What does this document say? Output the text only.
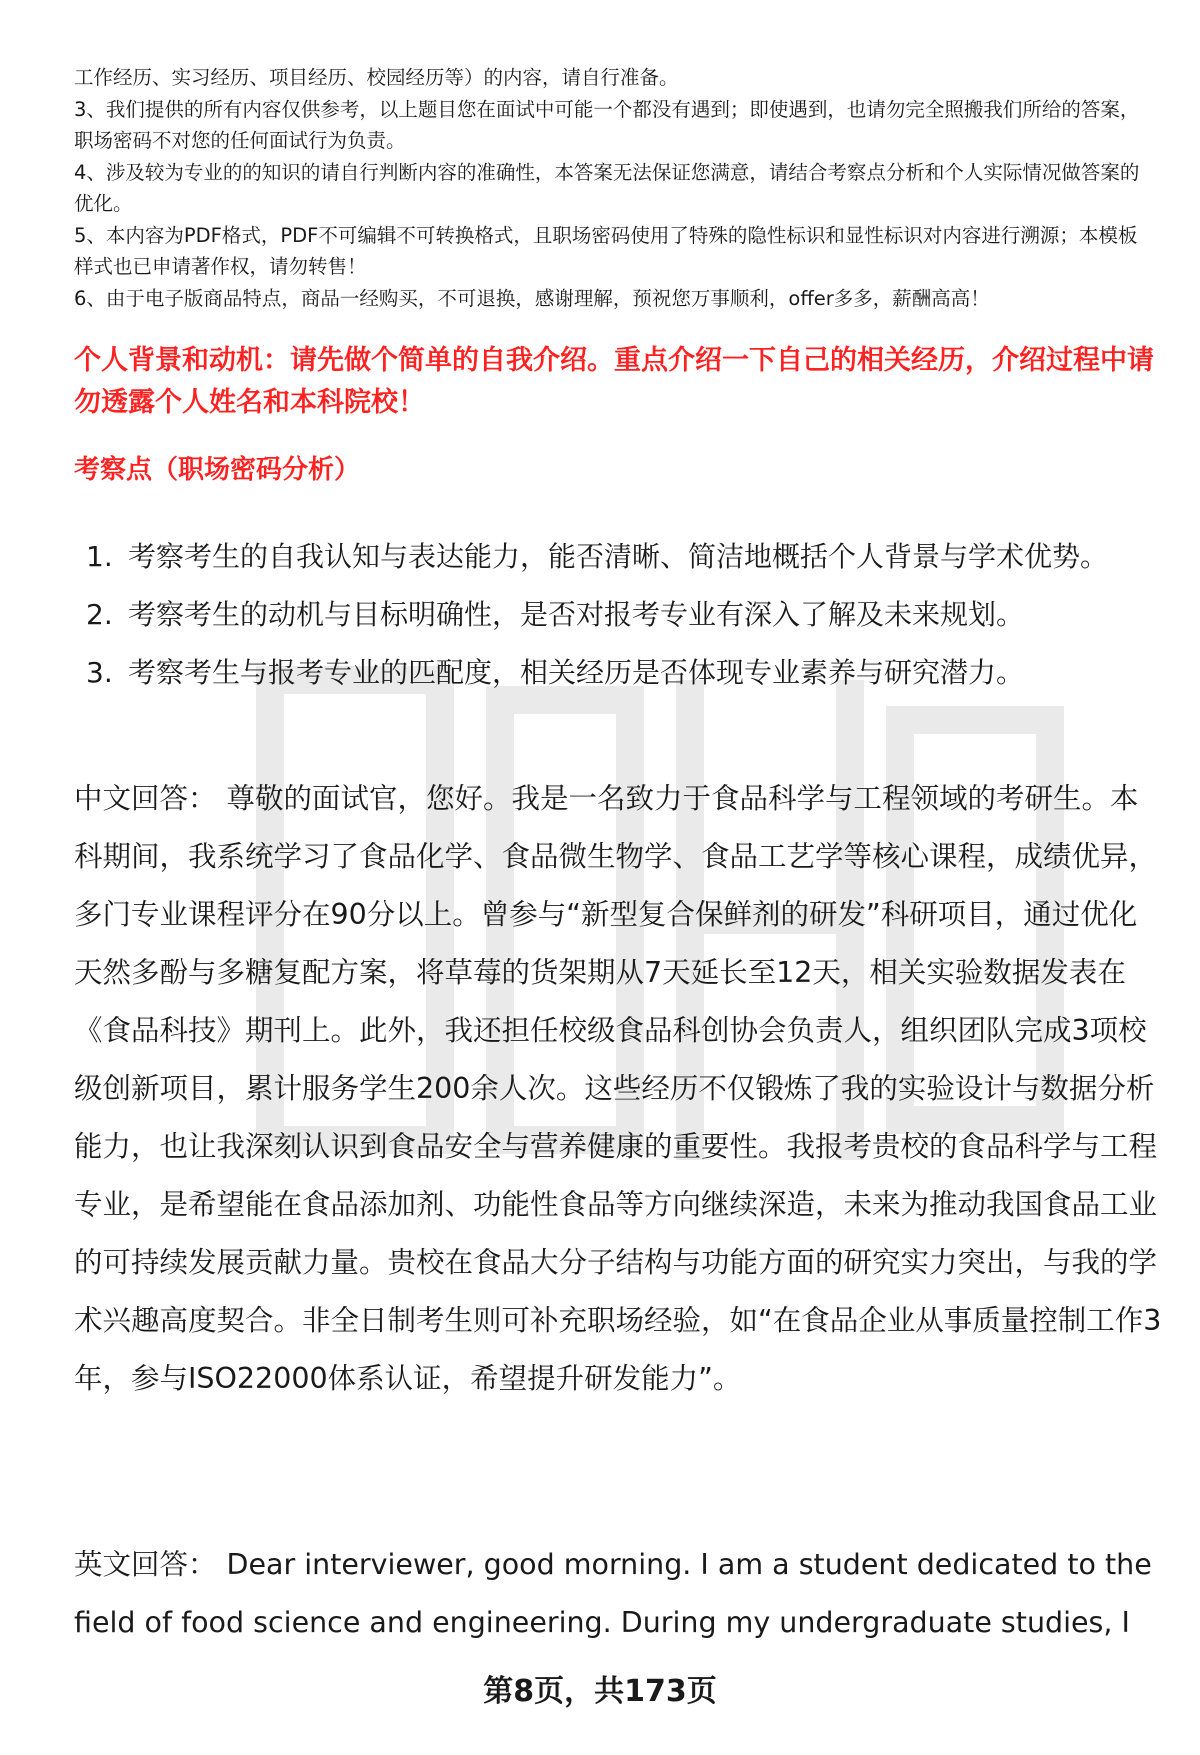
工作经历、实习经历、项目经历、校园经历等）的内容，请自行准备。

3、我们提供的所有内容仅供参考，以上题目您在面试中可能一个都没有遇到；即使遇到，也请勿完全照搬我们所给的答案，职场密码不对您的任何面试行为负责。

4、涉及较为专业的的知识的请自行判断内容的准确性，本答案无法保证您满意，请结合考察点分析和个人实际情况做答案的优化。

5、本内容为PDF格式，PDF不可编辑不可转换格式，且职场密码使用了特殊的隐性标识和显性标识对内容进行溯源；本模板样式也已申请著作权，请勿转售！

6、由于电子版商品特点，商品一经购买，不可退换，感谢理解，预祝您万事顺利，offer多多，薪酬高高！

个人背景和动机：请先做个简单的自我介绍。重点介绍一下自己的相关经历，介绍过程中请勿透露个人姓名和本科院校！
考察点（职场密码分析）
1. 考察考生的自我认知与表达能力，能否清晰、简洁地概括个人背景与学术优势。
2. 考察考生的动机与目标明确性，是否对报考专业有深入了解及未来规划。
3. 考察考生与报考专业的匹配度，相关经历是否体现专业素养与研究潜力。
中文回答： 尊敬的面试官，您好。我是一名致力于食品科学与工程领域的考研生。本科期间，我系统学习了食品化学、食品微生物学、食品工艺学等核心课程，成绩优异，多门专业课程评分在90分以上。曾参与“新型复合保鲜剂的研发”科研项目，通过优化天然多酚与多糖复配方案，将草莓的货架期从7天延长至12天，相关实验数据发表在《食品科技》期刊上。此外，我还担任校级食品科创协会负责人，组织团队完成3项校级创新项目，累计服务学生200余人次。这些经历不仅锻炼了我的实验设计与数据分析能力，也让我深刻认识到食品安全与营养健康的重要性。我报考贵校的食品科学与工程专业，是希望能在食品添加剂、功能性食品等方向继续深造，未来为推动我国食品工业的可持续发展贡献力量。贵校在食品大分子结构与功能方面的研究实力突出，与我的学术兴趣高度契合。非全日制考生则可补充职场经验，如“在食品企业从事质量控制工作3年，参与ISO22000体系认证，希望提升研发能力”。
英文回答： Dear interviewer, good morning. I am a student dedicated to the field of food science and engineering. During my undergraduate studies, I
第8页，共173页
